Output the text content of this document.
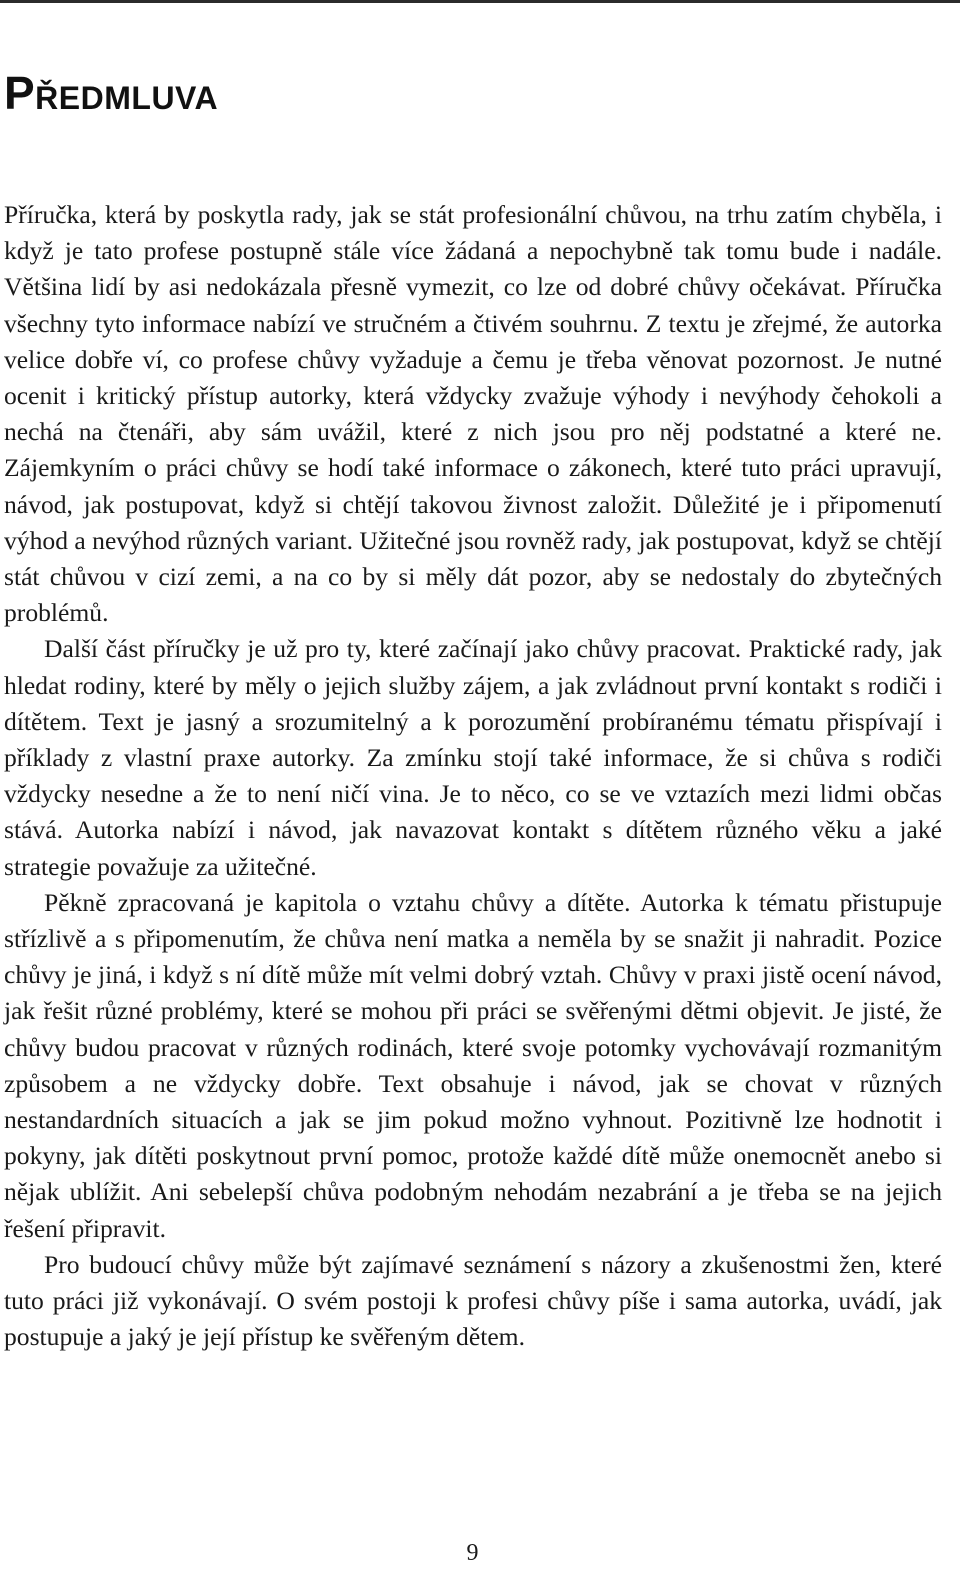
Předmluva

Příručka, která by poskytla rady, jak se stát profesionální chůvou, na trhu zatím chyběla, i když je tato profese postupně stále více žádaná a nepochybně tak tomu bude i nadále. Většina lidí by asi nedokázala přesně vymezit, co lze od dobré chůvy očekávat. Příručka všechny tyto informace nabízí ve stručném a čtivém souhrnu. Z textu je zřejmé, že autorka velice dobře ví, co profese chůvy vyžaduje a čemu je třeba věnovat pozornost. Je nutné ocenit i kritický přístup autorky, která vždycky zvažuje výhody i nevýhody čehokoli a nechá na čtenáři, aby sám uvážil, které z nich jsou pro něj podstatné a které ne. Zájemkyním o práci chůvy se hodí také informace o zákonech, které tuto práci upravují, návod, jak postupovat, když si chtějí takovou živnost založit. Důležité je i připomenutí výhod a nevýhod různých variant. Užitečné jsou rovněž rady, jak postupovat, když se chtějí stát chůvou v cizí zemi, a na co by si měly dát pozor, aby se nedostaly do zbytečných problémů.

Další část příručky je už pro ty, které začínají jako chůvy pracovat. Praktické rady, jak hledat rodiny, které by měly o jejich služby zájem, a jak zvládnout první kontakt s rodiči i dítětem. Text je jasný a srozumitelný a k porozumění probíranému tématu přispívají i příklady z vlastní praxe autorky. Za zmínku stojí také informace, že si chůva s rodiči vždycky nesedne a že to není ničí vina. Je to něco, co se ve vztazích mezi lidmi občas stává. Autorka nabízí i návod, jak navazovat kontakt s dítětem různého věku a jaké strategie považuje za užitečné.

Pěkně zpracovaná je kapitola o vztahu chůvy a dítěte. Autorka k tématu přistupuje střízlivě a s připomenutím, že chůva není matka a neměla by se snažit ji nahradit. Pozice chůvy je jiná, i když s ní dítě může mít velmi dobrý vztah. Chůvy v praxi jistě ocení návod, jak řešit různé problémy, které se mohou při práci se svěřenými dětmi objevit. Je jisté, že chůvy budou pracovat v různých rodinách, které svoje potomky vychovávají rozmanitým způsobem a ne vždycky dobře. Text obsahuje i návod, jak se chovat v různých nestandardních situacích a jak se jim pokud možno vyhnout. Pozitivně lze hodnotit i pokyny, jak dítěti poskytnout první pomoc, protože každé dítě může onemocnět anebo si nějak ublížit. Ani sebelepší chůva podobným nehodám nezabrání a je třeba se na jejich řešení připravit.

Pro budoucí chůvy může být zajímavé seznámení s názory a zkušenostmi žen, které tuto práci již vykonávají. O svém postoji k profesi chůvy píše i sama autorka, uvádí, jak postupuje a jaký je její přístup ke svěřeným dětem.

9
